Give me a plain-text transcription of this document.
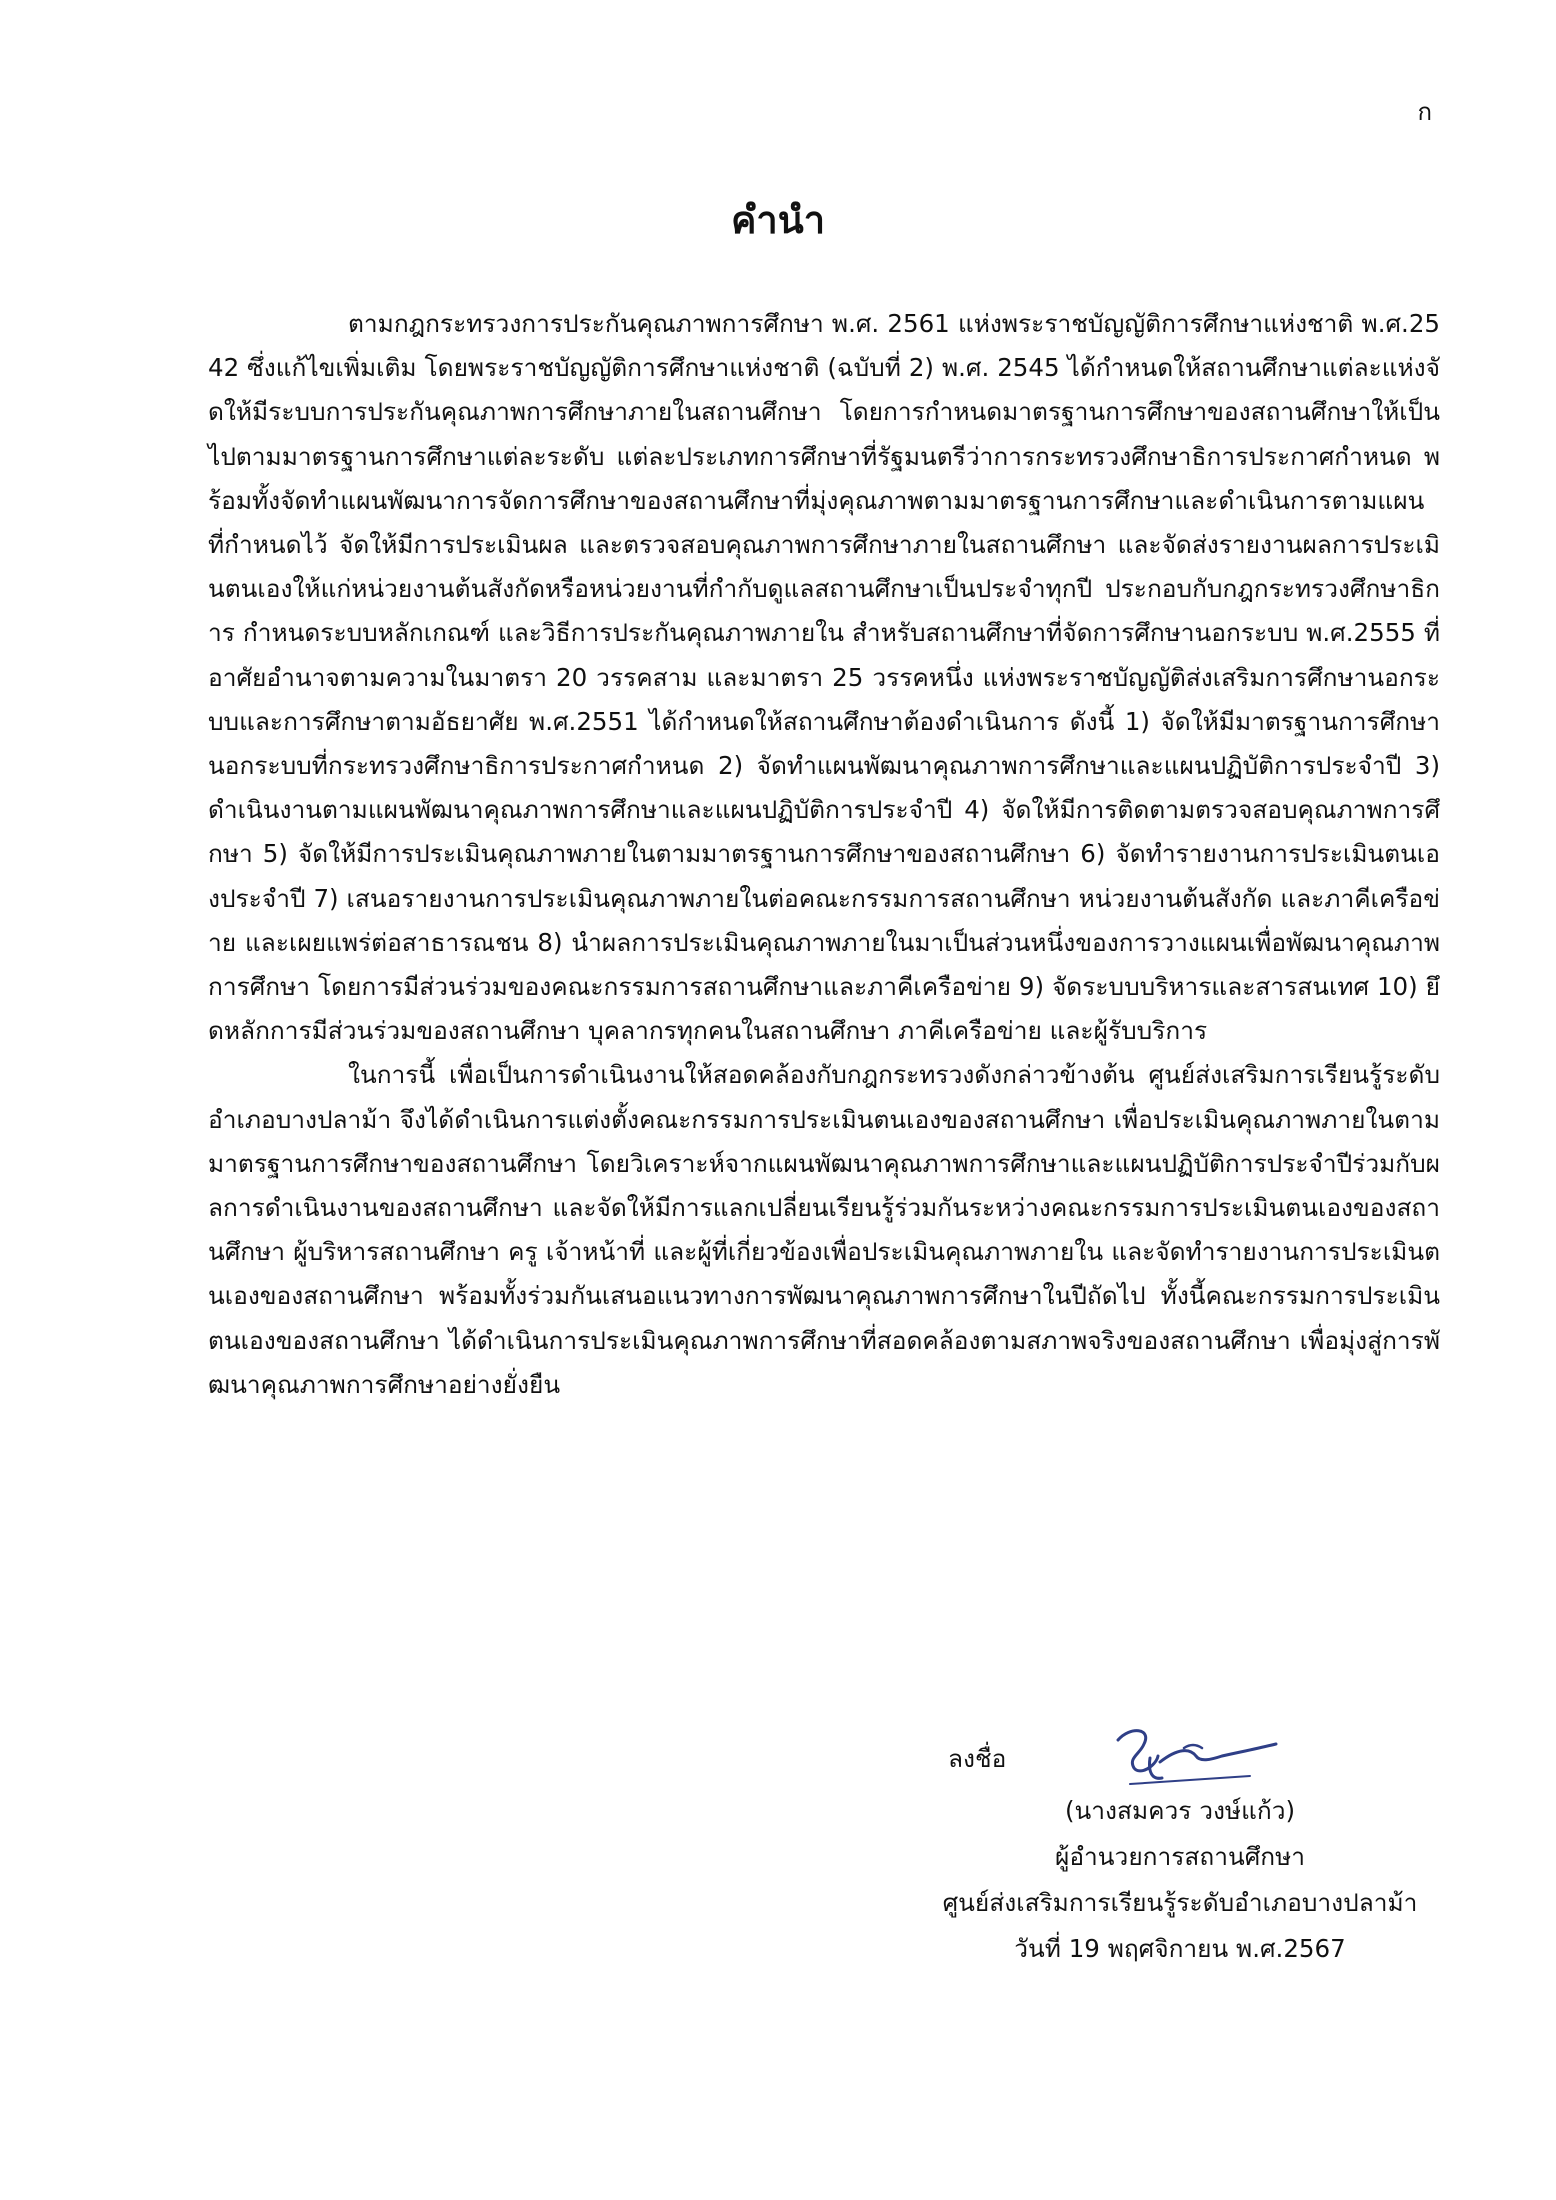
ก
คำนำ

ตามกฎกระทรวงการประกันคุณภาพการศึกษา พ.ศ. 2561 แห่งพระราชบัญญัติการศึกษาแห่งชาติ พ.ศ.2542 ซึ่งแก้ไขเพิ่มเติม โดยพระราชบัญญัติการศึกษาแห่งชาติ (ฉบับที่ 2) พ.ศ. 2545 ได้กำหนดให้สถานศึกษาแต่ละแห่งจัดให้มีระบบการประกันคุณภาพการศึกษาภายในสถานศึกษา โดยการกำหนดมาตรฐานการศึกษาของสถานศึกษาให้เป็นไปตามมาตรฐานการศึกษาแต่ละระดับ แต่ละประเภทการศึกษาที่รัฐมนตรีว่าการกระทรวงศึกษาธิการประกาศกำหนด พร้อมทั้งจัดทำแผนพัฒนาการจัดการศึกษาของสถานศึกษาที่มุ่งคุณภาพตามมาตรฐานการศึกษาและดำเนินการตามแผนที่กำหนดไว้ จัดให้มีการประเมินผล และตรวจสอบคุณภาพการศึกษาภายในสถานศึกษา และจัดส่งรายงานผลการประเมินตนเองให้แก่หน่วยงานต้นสังกัดหรือหน่วยงานที่กำกับดูแลสถานศึกษาเป็นประจำทุกปี ประกอบกับกฎกระทรวงศึกษาธิการ กำหนดระบบหลักเกณฑ์ และวิธีการประกันคุณภาพภายใน สำหรับสถานศึกษาที่จัดการศึกษานอกระบบ พ.ศ.2555 ที่อาศัยอำนาจตามความในมาตรา 20 วรรคสาม และมาตรา 25 วรรคหนึ่ง แห่งพระราชบัญญัติส่งเสริมการศึกษานอกระบบและการศึกษาตามอัธยาศัย พ.ศ.2551 ได้กำหนดให้สถานศึกษาต้องดำเนินการ ดังนี้ 1) จัดให้มีมาตรฐานการศึกษานอกระบบที่กระทรวงศึกษาธิการประกาศกำหนด 2) จัดทำแผนพัฒนาคุณภาพการศึกษาและแผนปฏิบัติการประจำปี 3) ดำเนินงานตามแผนพัฒนาคุณภาพการศึกษาและแผนปฏิบัติการประจำปี 4) จัดให้มีการติดตามตรวจสอบคุณภาพการศึกษา 5) จัดให้มีการประเมินคุณภาพภายในตามมาตรฐานการศึกษาของสถานศึกษา 6) จัดทำรายงานการประเมินตนเองประจำปี 7) เสนอรายงานการประเมินคุณภาพภายในต่อคณะกรรมการสถานศึกษา หน่วยงานต้นสังกัด และภาคีเครือข่าย และเผยแพร่ต่อสาธารณชน 8) นำผลการประเมินคุณภาพภายในมาเป็นส่วนหนึ่งของการวางแผนเพื่อพัฒนาคุณภาพการศึกษา โดยการมีส่วนร่วมของคณะกรรมการสถานศึกษาและภาคีเครือข่าย 9) จัดระบบบริหารและสารสนเทศ 10) ยึดหลักการมีส่วนร่วมของสถานศึกษา บุคลากรทุกคนในสถานศึกษา ภาคีเครือข่าย และผู้รับบริการ

ในการนี้ เพื่อเป็นการดำเนินงานให้สอดคล้องกับกฎกระทรวงดังกล่าวข้างต้น ศูนย์ส่งเสริมการเรียนรู้ระดับอำเภอบางปลาม้า จึงได้ดำเนินการแต่งตั้งคณะกรรมการประเมินตนเองของสถานศึกษา เพื่อประเมินคุณภาพภายในตามมาตรฐานการศึกษาของสถานศึกษา โดยวิเคราะห์จากแผนพัฒนาคุณภาพการศึกษาและแผนปฏิบัติการประจำปีร่วมกับผลการดำเนินงานของสถานศึกษา และจัดให้มีการแลกเปลี่ยนเรียนรู้ร่วมกันระหว่างคณะกรรมการประเมินตนเองของสถานศึกษา ผู้บริหารสถานศึกษา ครู เจ้าหน้าที่ และผู้ที่เกี่ยวข้องเพื่อประเมินคุณภาพภายใน และจัดทำรายงานการประเมินตนเองของสถานศึกษา พร้อมทั้งร่วมกันเสนอแนวทางการพัฒนาคุณภาพการศึกษาในปีถัดไป ทั้งนี้คณะกรรมการประเมินตนเองของสถานศึกษา ได้ดำเนินการประเมินคุณภาพการศึกษาที่สอดคล้องตามสภาพจริงของสถานศึกษา เพื่อมุ่งสู่การพัฒนาคุณภาพการศึกษาอย่างยั่งยืน

ลงชื่อ
(นางสมควร วงษ์แก้ว)
ผู้อำนวยการสถานศึกษา
ศูนย์ส่งเสริมการเรียนรู้ระดับอำเภอบางปลาม้า
วันที่ 19 พฤศจิกายน พ.ศ.2567
